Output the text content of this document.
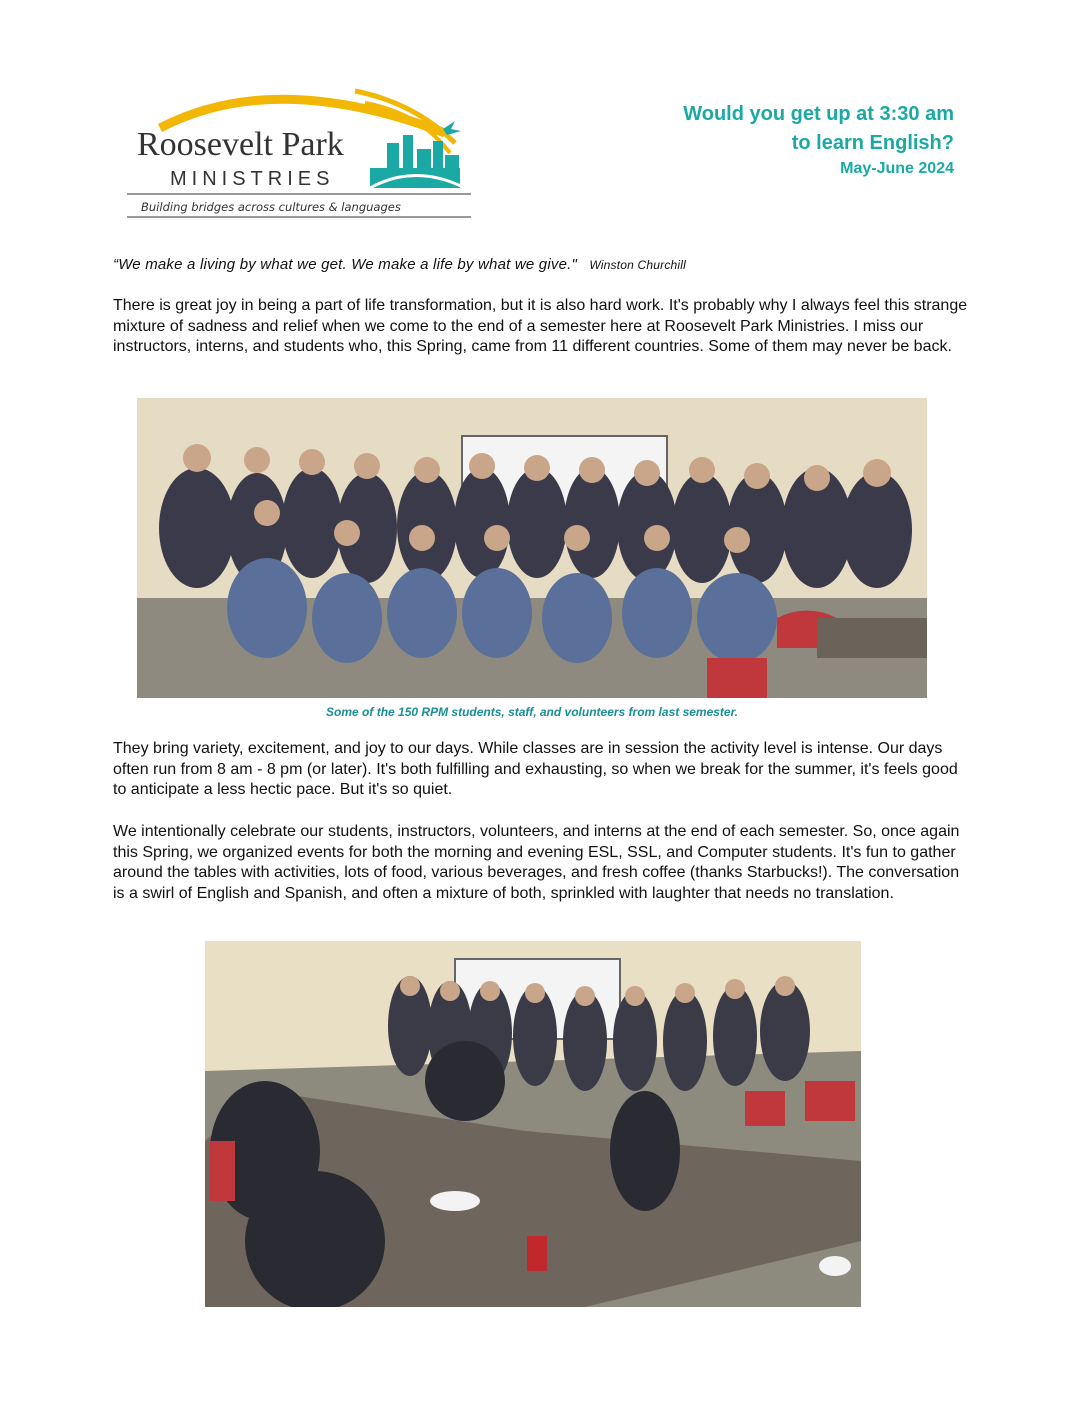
Roosevelt Park
MINISTRIES
Building bridges across cultures & languages
Would you get up at 3:30 am
to learn English?
May-June 2024
“We make a living by what we get. We make a life by what we give." Winston Churchill
There is great joy in being a part of life transformation, but it is also hard work. It's probably why I always feel this strange mixture of sadness and relief when we come to the end of a semester here at Roosevelt Park Ministries. I miss our instructors, interns, and students who, this Spring, came from 11 different countries. Some of them may never be back.
Some of the 150 RPM students, staff, and volunteers from last semester.
They bring variety, excitement, and joy to our days. While classes are in session the activity level is intense. Our days often run from 8 am - 8 pm (or later). It's both fulfilling and exhausting, so when we break for the summer, it's feels good to anticipate a less hectic pace. But it's so quiet.
We intentionally celebrate our students, instructors, volunteers, and interns at the end of each semester. So, once again this Spring, we organized events for both the morning and evening ESL, SSL, and Computer students. It's fun to gather around the tables with activities, lots of food, various beverages, and fresh coffee (thanks Starbucks!). The conversation is a swirl of English and Spanish, and often a mixture of both, sprinkled with laughter that needs no translation.
